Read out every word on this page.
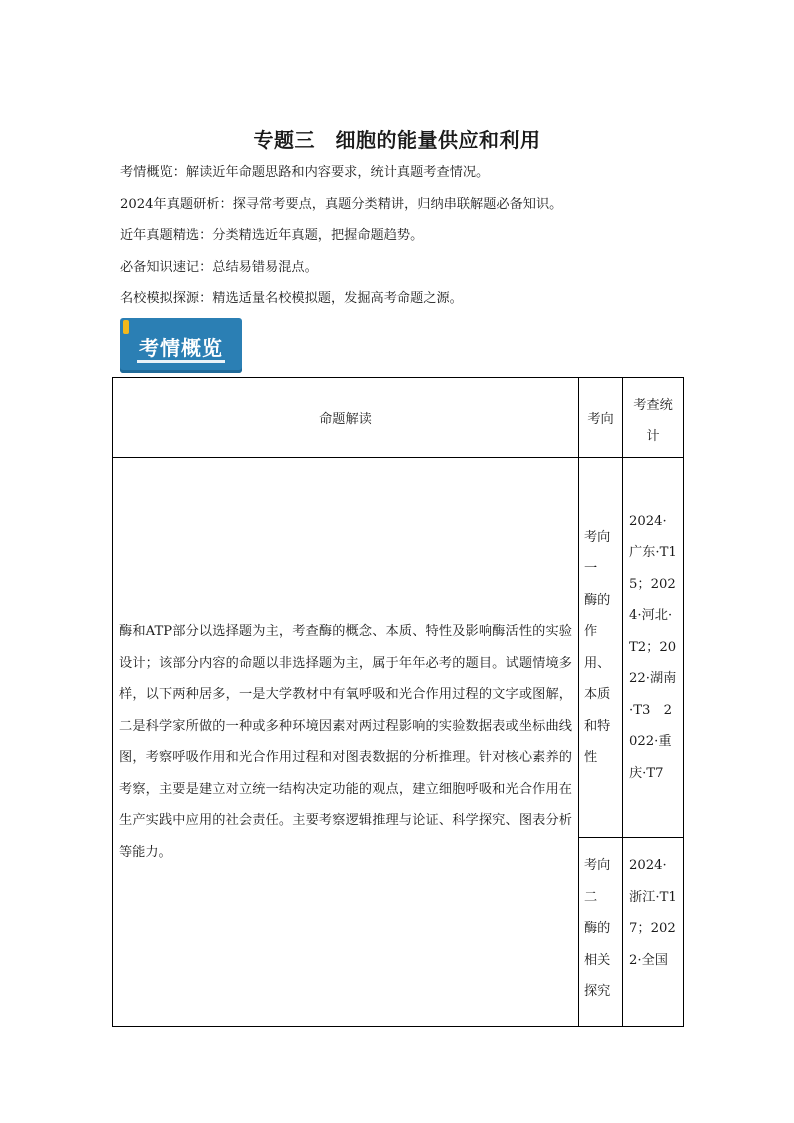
专题三　细胞的能量供应和利用
考情概览：解读近年命题思路和内容要求，统计真题考查情况。
2024年真题研析：探寻常考要点，真题分类精讲，归纳串联解题必备知识。
近年真题精选：分类精选近年真题，把握命题趋势。
必备知识速记：总结易错易混点。
名校模拟探源：精选适量名校模拟题，发掘高考命题之源。
考情概览
命题解读	考向	考查统计
酶和ATP部分以选择题为主，考查酶的概念、本质、特性及影响酶活性的实验设计；该部分内容的命题以非选择题为主，属于年年必考的题目。试题情境多样，以下两种居多，一是大学教材中有氧呼吸和光合作用过程的文字或图解，二是科学家所做的一种或多种环境因素对两过程影响的实验数据表或坐标曲线图，考察呼吸作用和光合作用过程和对图表数据的分析推理。针对核心素养的考察，主要是建立对立统一结构决定功能的观点，建立细胞呼吸和光合作用在生产实践中应用的社会责任。主要考察逻辑推理与论证、科学探究、图表分析等能力。	考向一　酶的作用、本质和特性	2024·广东·T15；2024·河北·T2；2022·湖南·T3　2022·重庆·T7
	考向二　酶的相关探究	2024·浙江·T17；2022·全国
